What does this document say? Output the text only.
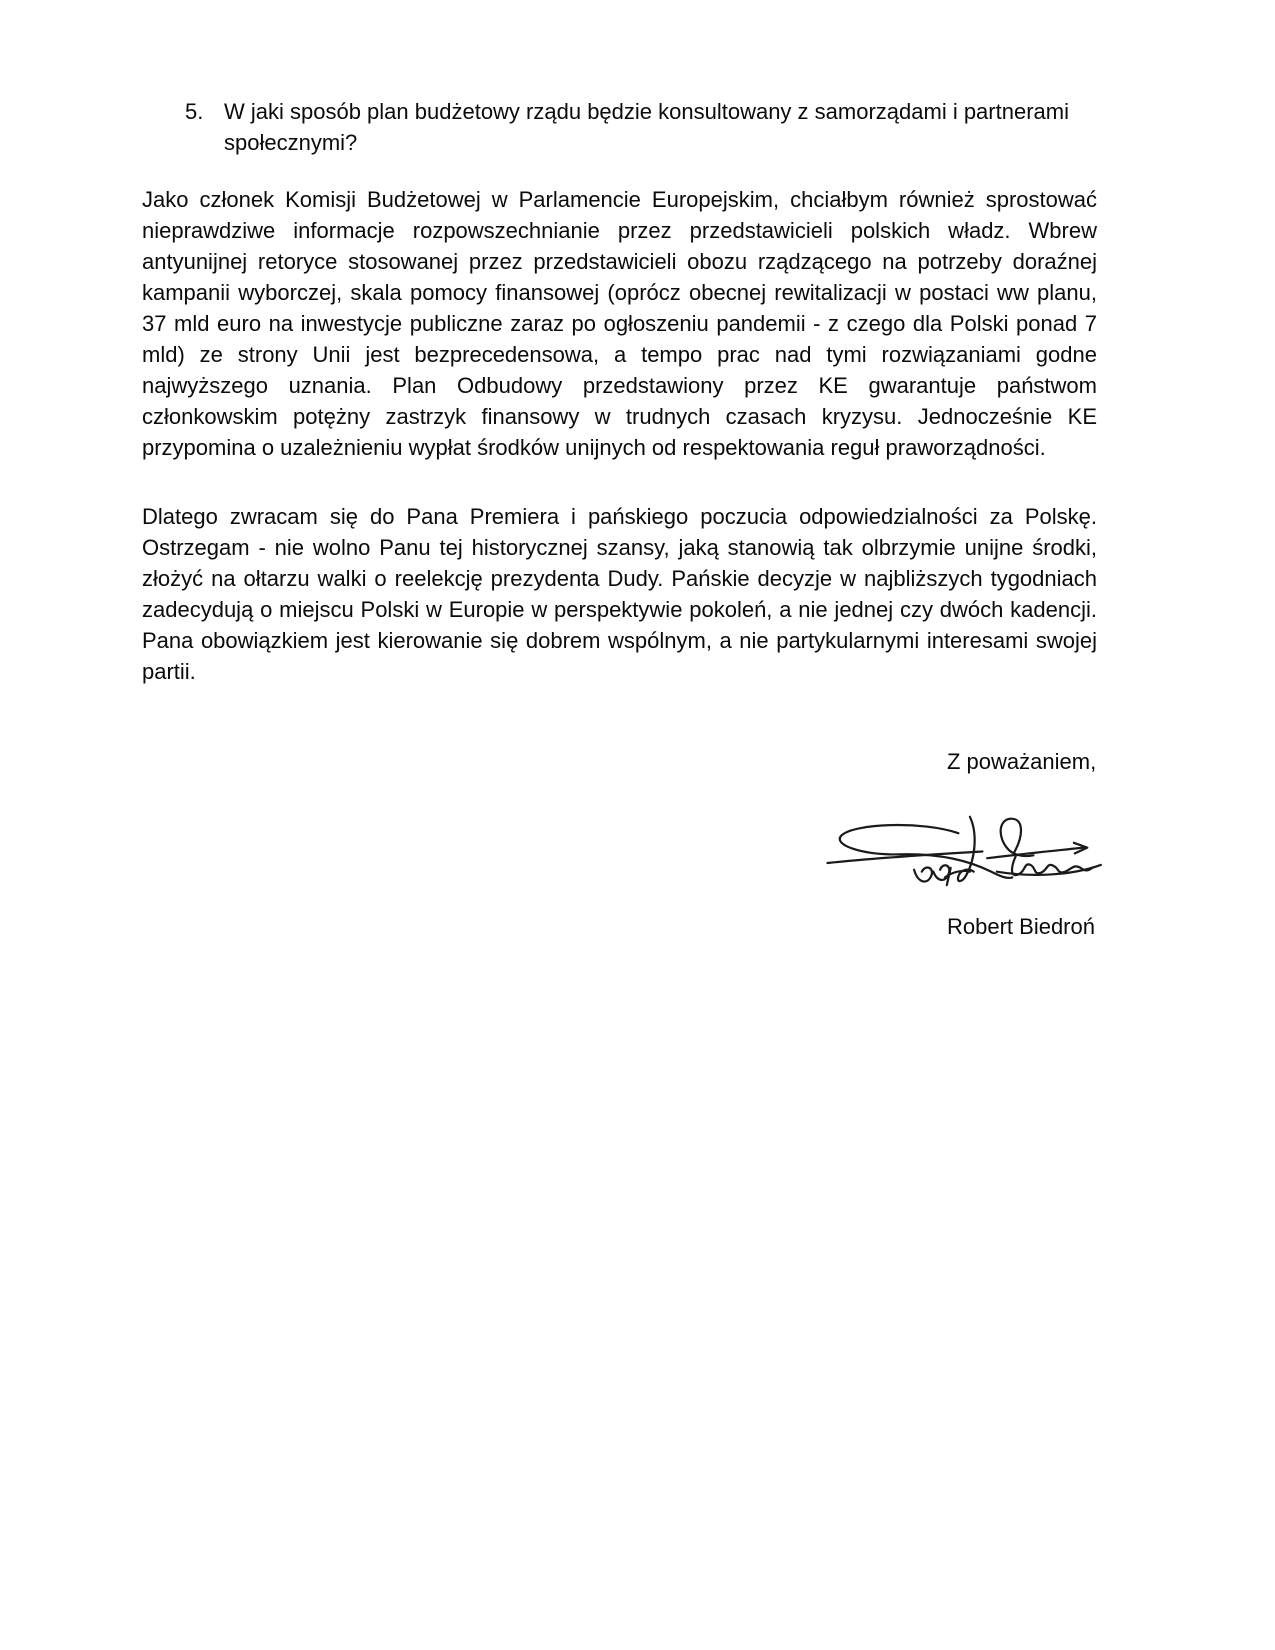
5. W jaki sposób plan budżetowy rządu będzie konsultowany z samorządami i partnerami społecznymi?

Jako członek Komisji Budżetowej w Parlamencie Europejskim, chciałbym również sprostować nieprawdziwe informacje rozpowszechnianie przez przedstawicieli polskich władz. Wbrew antyunijnej retoryce stosowanej przez przedstawicieli obozu rządzącego na potrzeby doraźnej kampanii wyborczej, skala pomocy finansowej (oprócz obecnej rewitalizacji w postaci ww planu, 37 mld euro na inwestycje publiczne zaraz po ogłoszeniu pandemii - z czego dla Polski ponad 7 mld) ze strony Unii jest bezprecedensowa, a tempo prac nad tymi rozwiązaniami godne najwyższego uznania. Plan Odbudowy przedstawiony przez KE gwarantuje państwom członkowskim potężny zastrzyk finansowy w trudnych czasach kryzysu. Jednocześnie KE przypomina o uzależnieniu wypłat środków unijnych od respektowania reguł praworządności.

Dlatego zwracam się do Pana Premiera i pańskiego poczucia odpowiedzialności za Polskę. Ostrzegam - nie wolno Panu tej historycznej szansy, jaką stanowią tak olbrzymie unijne środki, złożyć na ołtarzu walki o reelekcję prezydenta Dudy. Pańskie decyzje w najbliższych tygodniach zadecydują o miejscu Polski w Europie w perspektywie pokoleń, a nie jednej czy dwóch kadencji. Pana obowiązkiem jest kierowanie się dobrem wspólnym, a nie partykularnymi interesami swojej partii.

Z poważaniem,
Robert Biedroń
